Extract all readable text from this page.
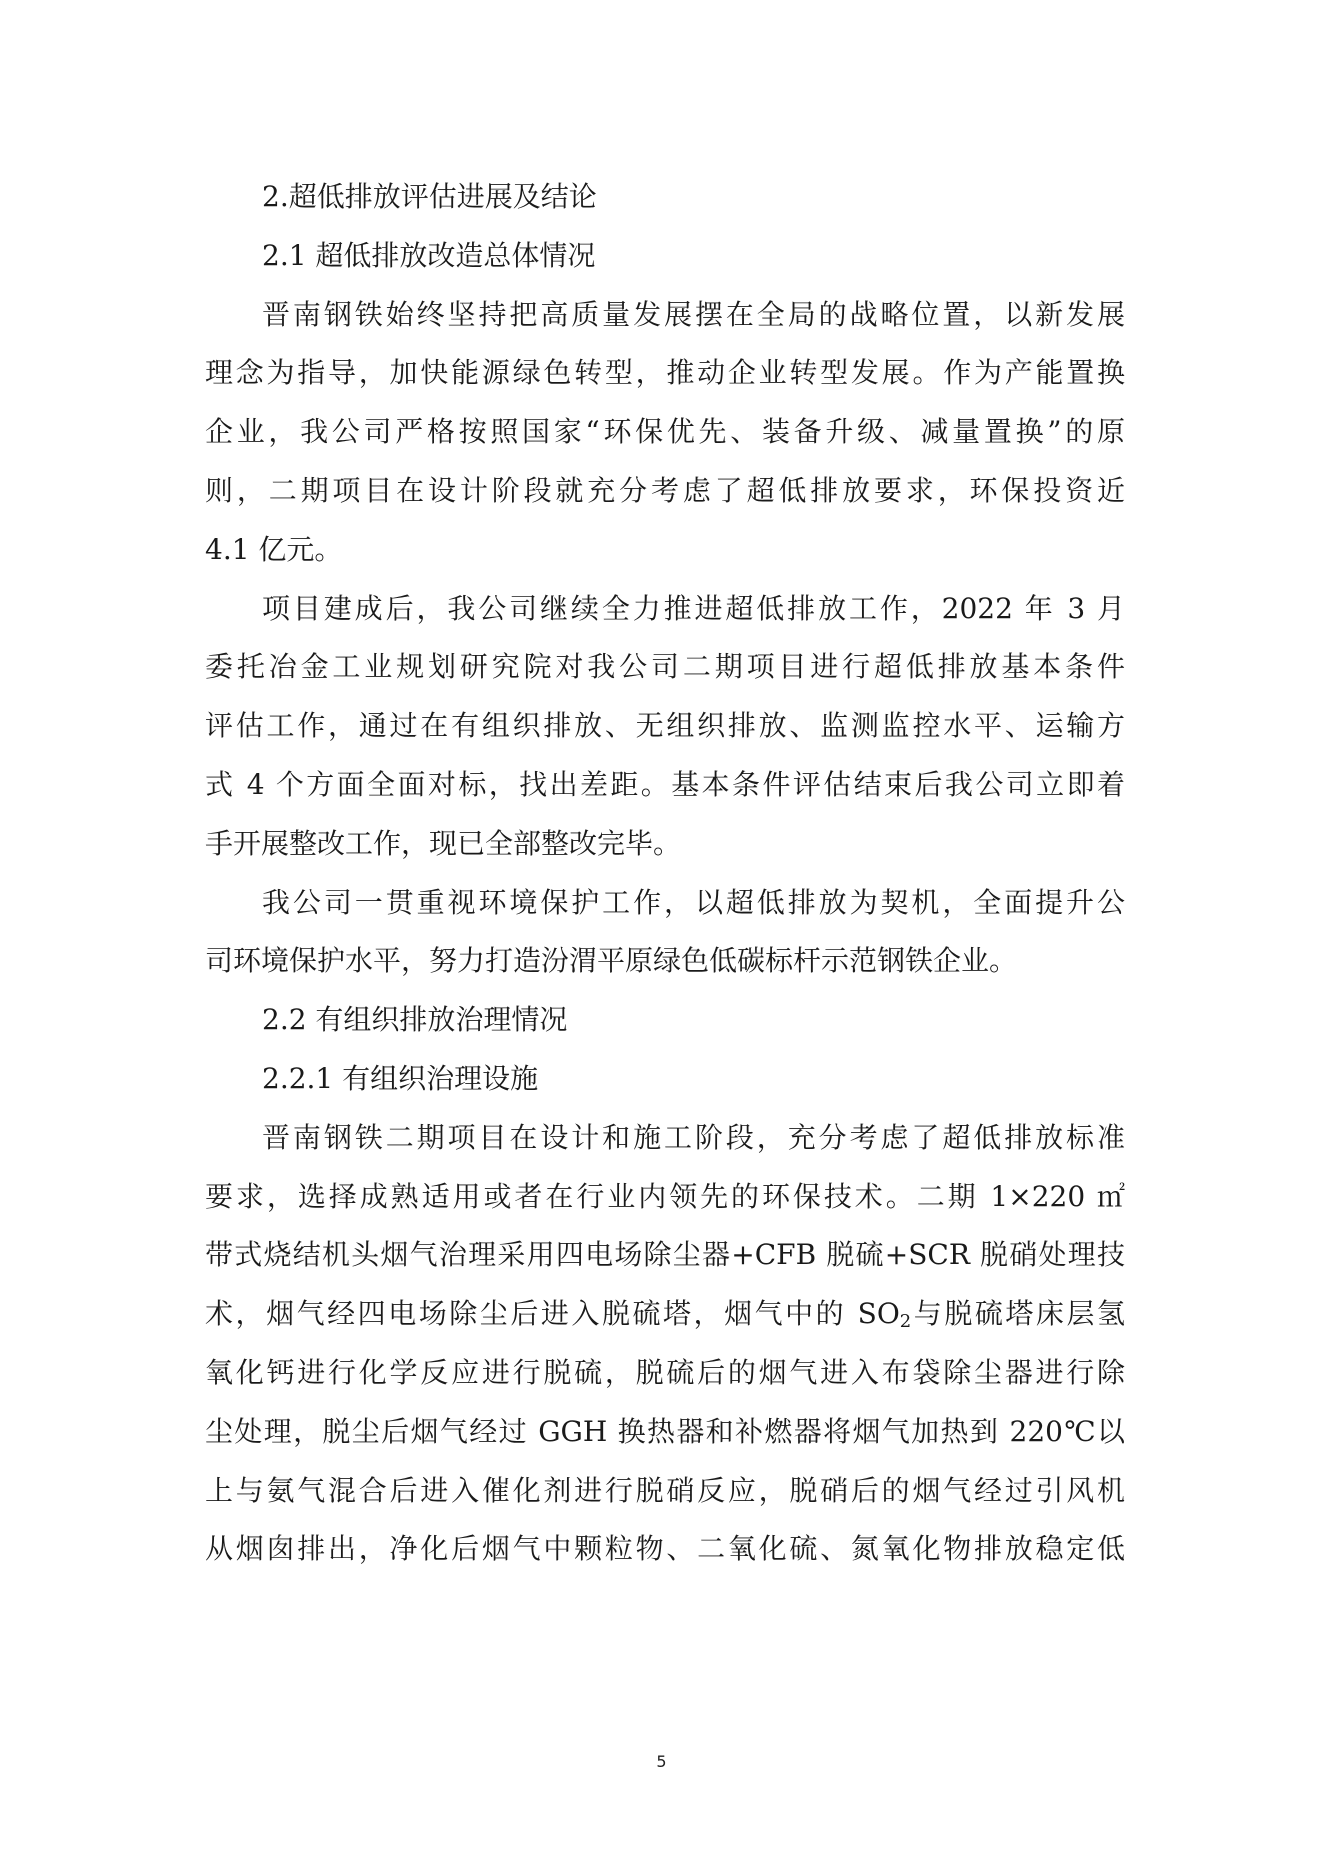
2.超低排放评估进展及结论
2.1 超低排放改造总体情况
晋南钢铁始终坚持把高质量发展摆在全局的战略位置，以新发展
理念为指导，加快能源绿色转型，推动企业转型发展。作为产能置换
企业，我公司严格按照国家“环保优先、装备升级、减量置换”的原
则，二期项目在设计阶段就充分考虑了超低排放要求，环保投资近
4.1 亿元。
项目建成后，我公司继续全力推进超低排放工作，2022 年 3 月
委托冶金工业规划研究院对我公司二期项目进行超低排放基本条件
评估工作，通过在有组织排放、无组织排放、监测监控水平、运输方
式 4 个方面全面对标，找出差距。基本条件评估结束后我公司立即着
手开展整改工作，现已全部整改完毕。
我公司一贯重视环境保护工作，以超低排放为契机，全面提升公
司环境保护水平，努力打造汾渭平原绿色低碳标杆示范钢铁企业。
2.2 有组织排放治理情况
2.2.1 有组织治理设施
晋南钢铁二期项目在设计和施工阶段，充分考虑了超低排放标准
要求，选择成熟适用或者在行业内领先的环保技术。二期 1×220 ㎡
带式烧结机头烟气治理采用四电场除尘器+CFB 脱硫+SCR 脱硝处理技
术，烟气经四电场除尘后进入脱硫塔，烟气中的 $SO_2$与脱硫塔床层氢
氧化钙进行化学反应进行脱硫，脱硫后的烟气进入布袋除尘器进行除
尘处理，脱尘后烟气经过 GGH 换热器和补燃器将烟气加热到 220℃以
上与氨气混合后进入催化剂进行脱硝反应，脱硝后的烟气经过引风机
从烟囱排出，净化后烟气中颗粒物、二氧化硫、氮氧化物排放稳定低
5
